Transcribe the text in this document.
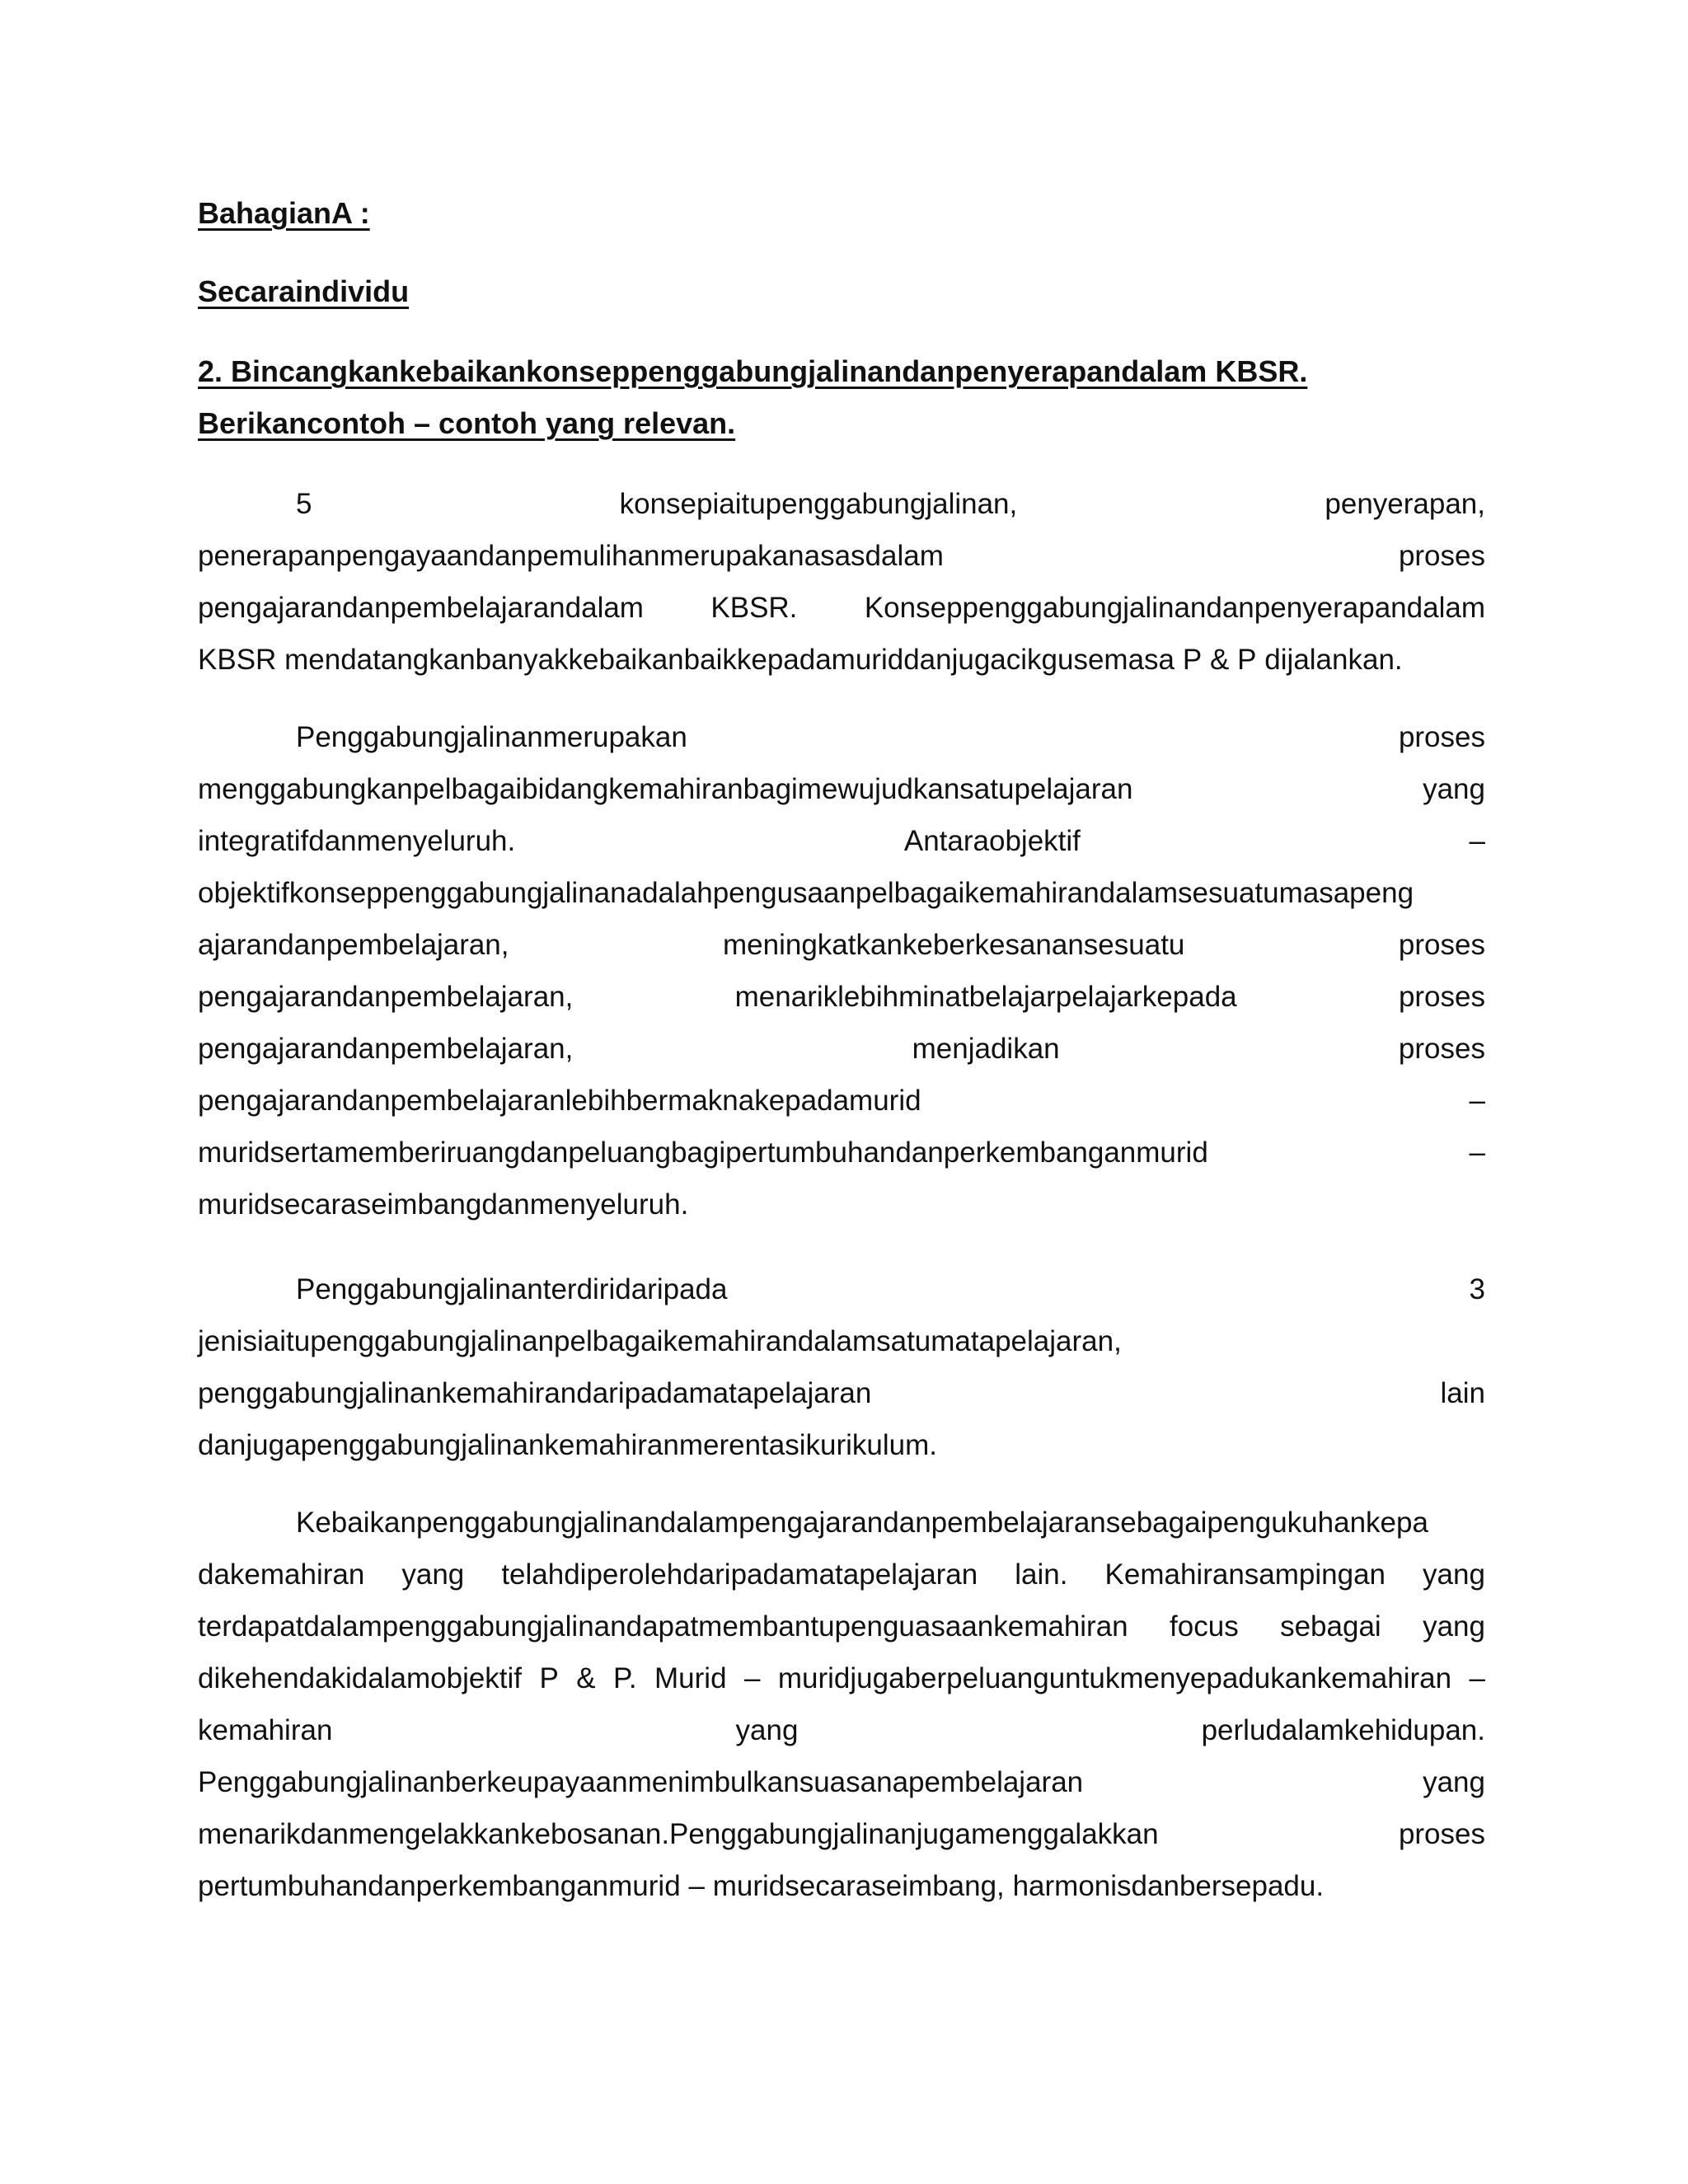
BahagianA :
Secaraindividu
2. Bincangkankebaikankonseppenggabungjalinandanpenyerapandalam KBSR.
Berikancontoh – contoh yang relevan.
5	konsepiaitupenggabungjalinan,	penyerapan,
penerapanpengayaandanpemulihanmerupakanasasdalam	proses
pengajarandanpembelajarandalam KBSR. Konseppenggabungjalinandanpenyerapandalam
KBSR mendatangkanbanyakkebaikanbaikkepadamuriddanjugacikgusemasa P & P dijalankan.
Penggabungjalinanmerupakan	proses
menggabungkanpelbagaibidangkemahiranbagimewujudkansatupelajaran	yang
integratifdanmenyeluruh.	Antaraobjektif	–
objektifkonseppenggabungjalinanadalahpengusaanpelbagaikemahirandalamsesuatumasapeng
ajarandanpembelajaran,	meningkatkankeberkesanansesuatu	proses
pengajarandanpembelajaran,	menariklebihminatbelajarpelajarkepada	proses
pengajarandanpembelajaran,	menjadikan	proses
pengajarandanpembelajaranlebihbermaknakepadamurid	–
muridsertamemberiruangdanpeluangbagipertumbuhandanperkembanganmurid	–
muridsecaraseimbangdanmenyeluruh.
Penggabungjalinanterdiridaripada	3
jenisiaitupenggabungjalinanpelbagaikemahirandalamsatumatapelajaran,
penggabungjalinankemahirandaripadamatapelajaran	lain
danjugapenggabungjalinankemahiranmerentasikurikulum.
Kebaikanpenggabungjalinandalampengajarandanpembelajaransebagaipengukuhankepa
dakemahiran yang telahdiperolehdaripadamatapelajaran lain. Kemahiransampingan yang
terdapatdalampenggabungjalinandapatmembantupenguasaankemahiran focus sebagai yang
dikehendakidalamobjektif P & P. Murid – muridjugaberpeluanguntukmenyepadukankemahiran –
kemahiran	yang	perludalamkehidupan.
Penggabungjalinanberkeupayaanmenimbulkansuasanapembelajaran	yang
menarikdanmengelakkankebosanan.Penggabungjalinanjugamenggalakkan	proses
pertumbuhandanperkembanganmurid – muridsecaraseimbang, harmonisdanbersepadu.
